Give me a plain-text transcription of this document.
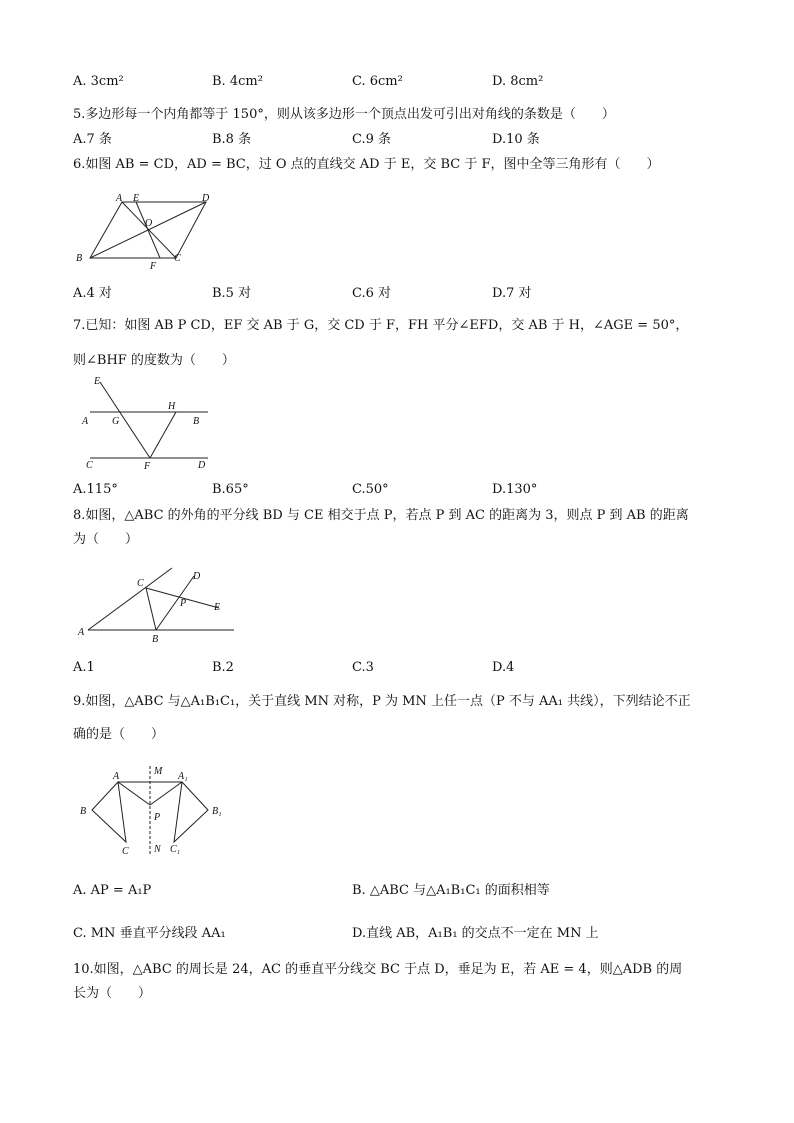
A. 3cm²	B. 4cm²	C. 6cm²	D. 8cm²
5.多边形每一个内角都等于 150°，则从该多边形一个顶点出发可引出对角线的条数是（　　）
A.7 条	B.8 条	C.9 条	D.10 条
6.如图 AB = CD，AD = BC，过 O 点的直线交 AD 于 E，交 BC 于 F，图中全等三角形有（　　）
A E	D
O
B
F
C
A.4 对	B.5 对	C.6 对	D.7 对
7.已知：如图 AB P CD，EF 交 AB 于 G，交 CD 于 F，FH 平分∠EFD，交 AB 于 H，∠AGE = 50°，
则∠BHF 的度数为（　　）
E
H
A G	B
C	F	D
A.115°	B.65°	C.50°	D.130°
8.如图，△ABC 的外角的平分线 BD 与 CE 相交于点 P，若点 P 到 AC 的距离为 3，则点 P 到 AB 的距离
为（　　）
C
D
P	E
A
B
A.1	B.2	C.3	D.4
9.如图，△ABC 与△A₁B₁C₁，关于直线 MN 对称，P 为 MN 上任一点（P 不与 AA₁ 共线），下列结论不正
确的是（　　）
A	M A₁
B
P
B₁
C	N C₁
A. AP = A₁P	B. △ABC 与△A₁B₁C₁ 的面积相等
C. MN 垂直平分线段 AA₁	D.直线 AB，A₁B₁ 的交点不一定在 MN 上
10.如图，△ABC 的周长是 24，AC 的垂直平分线交 BC 于点 D，垂足为 E，若 AE = 4，则△ADB 的周
长为（　　）
